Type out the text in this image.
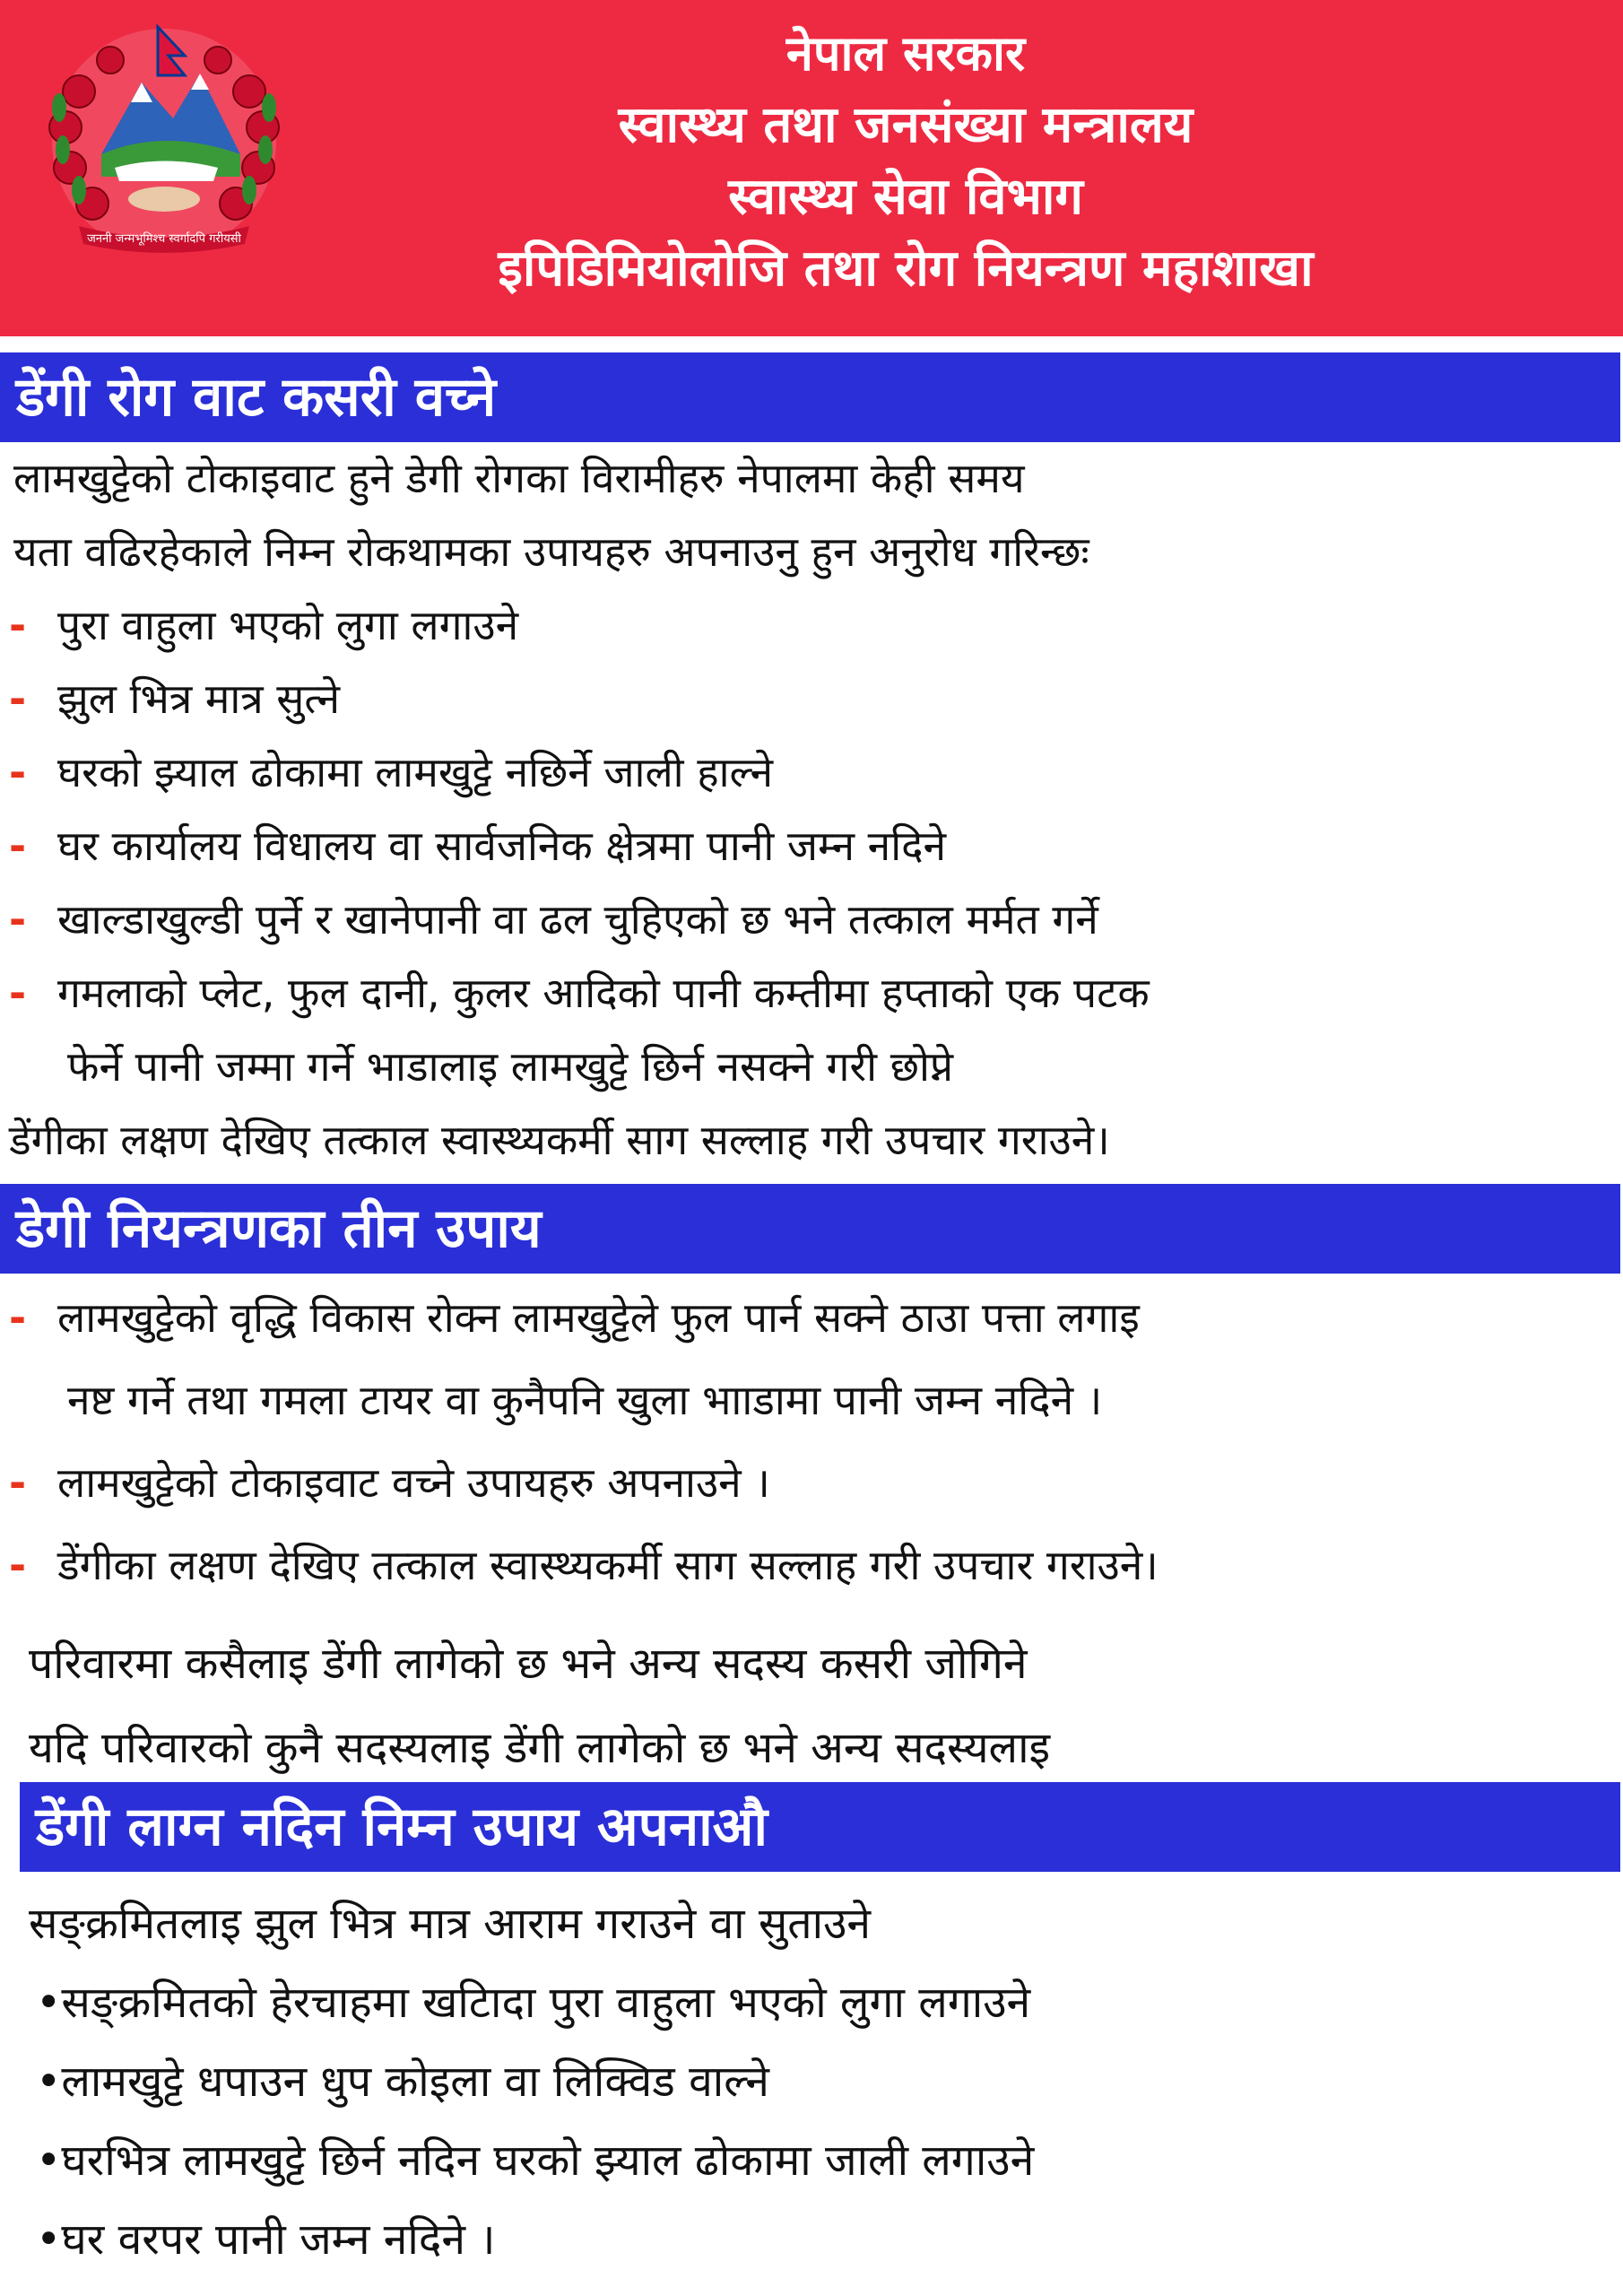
जननी जन्मभूमिश्च स्वर्गादपि गरीयसी
नेपाल सरकार
स्वास्थ्य तथा जनसंख्या मन्त्रालय
स्वास्थ्य सेवा विभाग
इपिडिमियोलोजि तथा रोग नियन्त्रण महाशाखा
डेंगी रोग वाट कसरी वच्ने
लामखुट्टेको टोकाइवाट हुने डेगी रोगका विरामीहरु नेपालमा केही समय
यता वढिरहेकाले निम्न रोकथामका उपायहरु अपनाउनु हुन अनुरोध गरिन्छः
- पुरा वाहुला भएको लुगा लगाउने
- झुल भित्र मात्र सुत्ने
- घरको झ्याल ढोकामा लामखुट्टे नछिर्ने जाली हाल्ने
- घर कार्यालय विधालय वा सार्वजनिक क्षेत्रमा पानी जम्न नदिने
- खाल्डाखुल्डी पुर्ने र खानेपानी वा ढल चुहिएको छ भने तत्काल मर्मत गर्ने
- गमलाको प्लेट, फुल दानी, कुलर आदिको पानी कम्तीमा हप्ताको एक पटक
फेर्ने पानी जम्मा गर्ने भाडालाइ लामखुट्टे छिर्न नसक्ने गरी छोप्ने
डेंगीका लक्षण देखिए तत्काल स्वास्थ्यकर्मी साग सल्लाह गरी उपचार गराउने।
डेगी नियन्त्रणका तीन उपाय
- लामखुट्टेको वृद्धि विकास रोक्न लामखुट्टेले फुल पार्न सक्ने ठाउा पत्ता लगाइ
नष्ट गर्ने तथा गमला टायर वा कुनैपनि खुला भााडामा पानी जम्न नदिने ।
- लामखुट्टेको टोकाइवाट वच्ने उपायहरु अपनाउने ।
- डेंगीका लक्षण देखिए तत्काल स्वास्थ्यकर्मी साग सल्लाह गरी उपचार गराउने।
परिवारमा कसैलाइ डेंगी लागेको छ भने अन्य सदस्य कसरी जोगिने
यदि परिवारको कुनै सदस्यलाइ डेंगी लागेको छ भने अन्य सदस्यलाइ
डेंगी लाग्न नदिन निम्न उपाय अपनाऔ
सङ्क्रमितलाइ झुल भित्र मात्र आराम गराउने वा सुताउने
•सङ्क्रमितको हेरचाहमा खटिादा पुरा वाहुला भएको लुगा लगाउने
•लामखुट्टे धपाउन धुप कोइला वा लिक्विड वाल्ने
•घरभित्र लामखुट्टे छिर्न नदिन घरको झ्याल ढोकामा जाली लगाउने
•घर वरपर पानी जम्न नदिने ।
